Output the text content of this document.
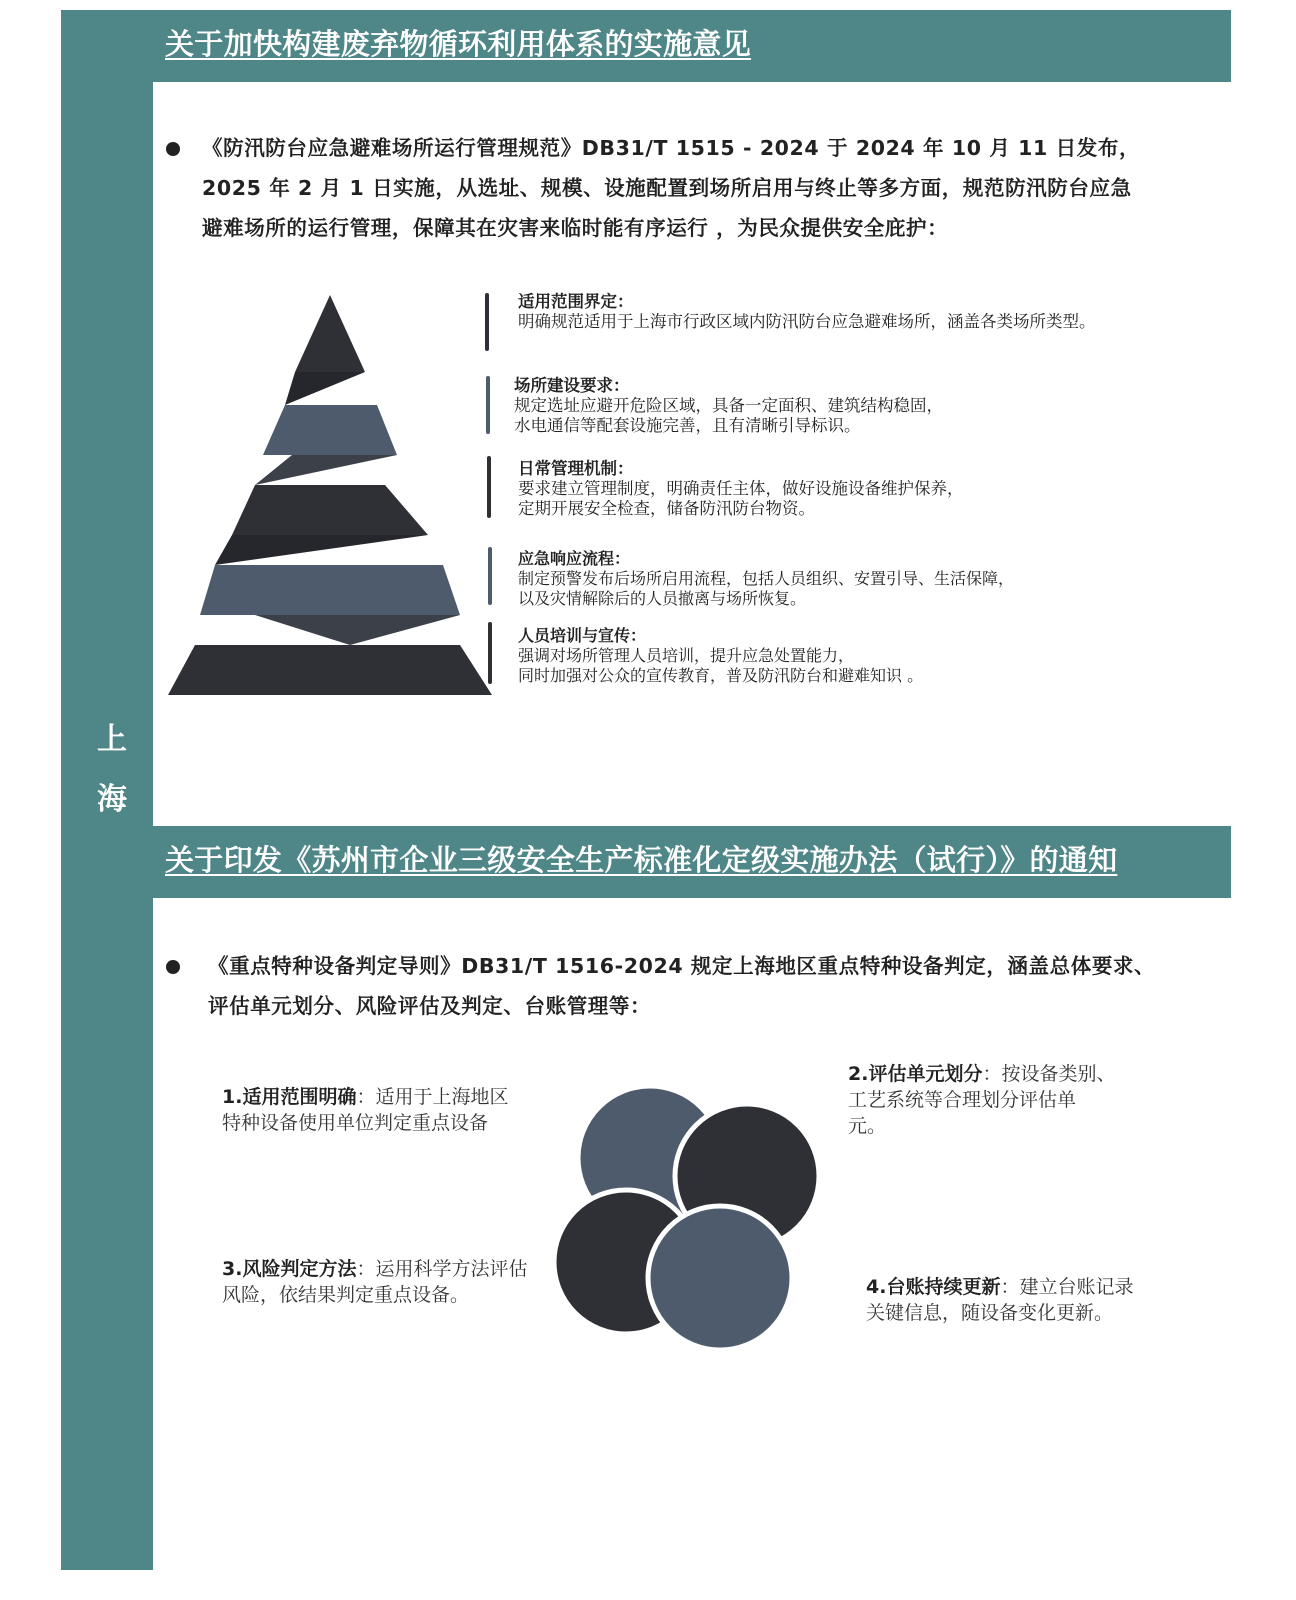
上
海
关于加快构建废弃物循环利用体系的实施意见
《防汛防台应急避难场所运行管理规范》DB31/T 1515 - 2024 于 2024 年 10 月 11 日发布，
2025 年 2 月 1 日实施，从选址、规模、设施配置到场所启用与终止等多方面，规范防汛防台应急
避难场所的运行管理，保障其在灾害来临时能有序运行 ，为民众提供安全庇护：
适用范围界定：
明确规范适用于上海市行政区域内防汛防台应急避难场所，涵盖各类场所类型。
场所建设要求：
规定选址应避开危险区域，具备一定面积、建筑结构稳固，
水电通信等配套设施完善，且有清晰引导标识。
日常管理机制：
要求建立管理制度，明确责任主体，做好设施设备维护保养，
定期开展安全检查，储备防汛防台物资。
应急响应流程：
制定预警发布后场所启用流程，包括人员组织、安置引导、生活保障，
以及灾情解除后的人员撤离与场所恢复。
人员培训与宣传：
强调对场所管理人员培训，提升应急处置能力，
同时加强对公众的宣传教育，普及防汛防台和避难知识 。
关于印发《苏州市企业三级安全生产标准化定级实施办法（试行）》的通知
《重点特种设备判定导则》DB31/T 1516-2024 规定上海地区重点特种设备判定，涵盖总体要求、
评估单元划分、风险评估及判定、台账管理等：
1.适用范围明确：适用于上海地区
特种设备使用单位判定重点设备
2.评估单元划分：按设备类别、
工艺系统等合理划分评估单
元。
3.风险判定方法：运用科学方法评估
风险，依结果判定重点设备。	4.台账持续更新：建立台账记录
关键信息，随设备变化更新。
